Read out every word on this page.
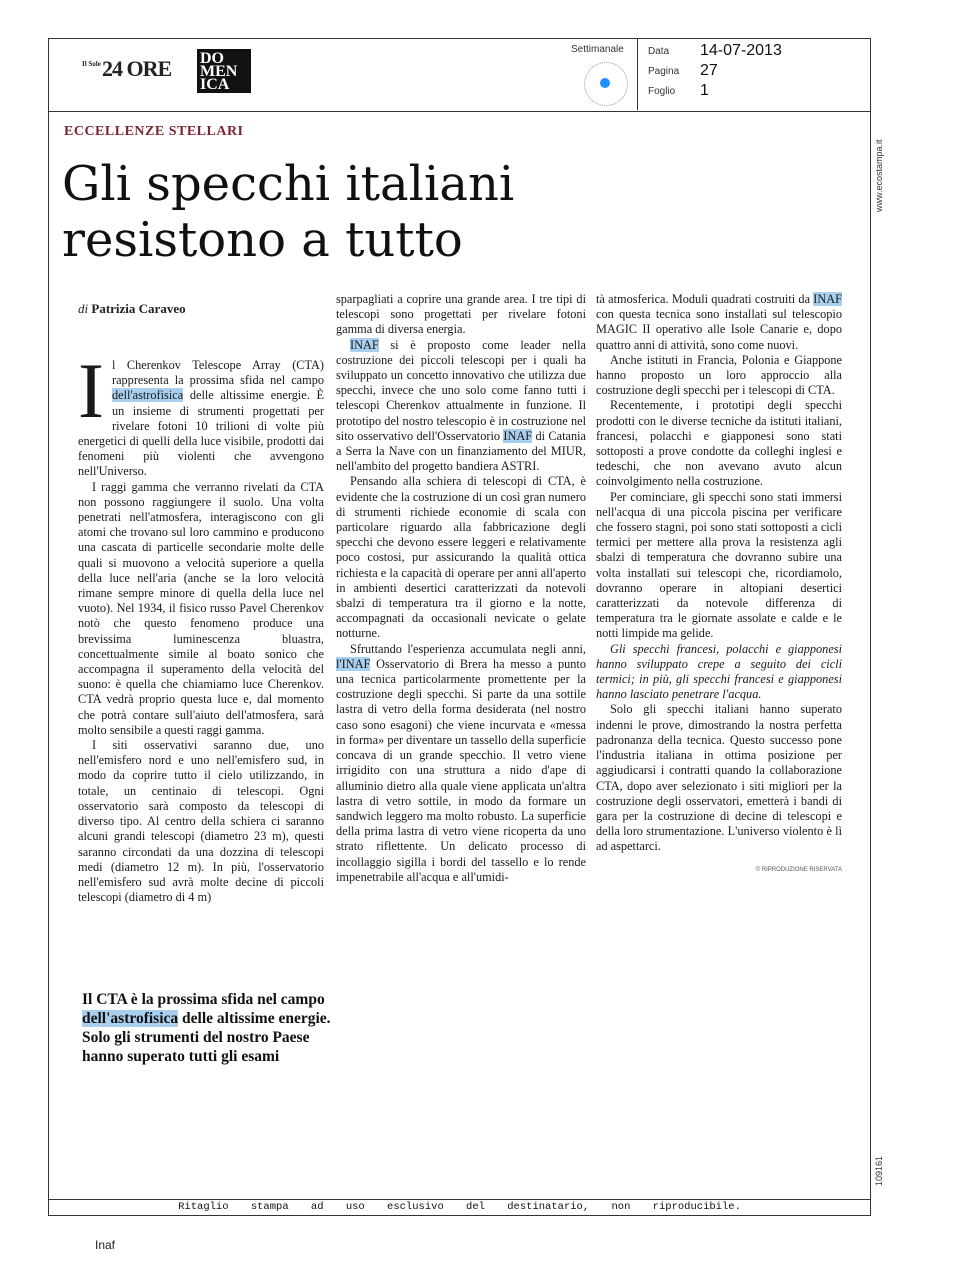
Il Sole 24 ORE DO
MEN
ICA
Settimanale Data 14-07-2013
Pagina 27
Foglio 1
www.ecostampa.it
109161
ECCELLENZE STELLARI
Gli specchi italiani
resistono a tutto
di Patrizia Caraveo

Il Cherenkov Telescope Array (CTA) rappresenta la prossima sfida nel campo dell'astrofisica delle altissime energie. È un insieme di strumenti progettati per rivelare fotoni 10 trilioni di volte più energetici di quelli della luce visibile, prodotti dai fenomeni più violenti che avvengono nell'Universo.

I raggi gamma che verranno rivelati da CTA non possono raggiungere il suolo. Una volta penetrati nell'atmosfera, interagiscono con gli atomi che trovano sul loro cammino e producono una cascata di particelle secondarie molte delle quali si muovono a velocità superiore a quella della luce nell'aria (anche se la loro velocità rimane sempre minore di quella della luce nel vuoto). Nel 1934, il fisico russo Pavel Cherenkov notò che questo fenomeno produce una brevissima luminescenza bluastra, concettualmente simile al boato sonico che accompagna il superamento della velocità del suono: è quella che chiamiamo luce Cherenkov. CTA vedrà proprio questa luce e, dal momento che potrà contare sull'aiuto dell'atmosfera, sarà molto sensibile a questi raggi gamma.

I siti osservativi saranno due, uno nell'emisfero nord e uno nell'emisfero sud, in modo da coprire tutto il cielo utilizzando, in totale, un centinaio di telescopi. Ogni osservatorio sarà composto da telescopi di diverso tipo. Al centro della schiera ci saranno alcuni grandi telescopi (diametro 23 m), questi saranno circondati da una dozzina di telescopi medi (diametro 12 m). In più, l'osservatorio nell'emisfero sud avrà molte decine di piccoli telescopi (diametro di 4 m)

sparpagliati a coprire una grande area. I tre tipi di telescopi sono progettati per rivelare fotoni gamma di diversa energia.

INAF si è proposto come leader nella costruzione dei piccoli telescopi per i quali ha sviluppato un concetto innovativo che utilizza due specchi, invece che uno solo come fanno tutti i telescopi Cherenkov attualmente in funzione. Il prototipo del nostro telescopio è in costruzione nel sito osservativo dell'Osservatorio INAF di Catania a Serra la Nave con un finanziamento del MIUR, nell'ambito del progetto bandiera ASTRI.

Pensando alla schiera di telescopi di CTA, è evidente che la costruzione di un così gran numero di strumenti richiede economie di scala con particolare riguardo alla fabbricazione degli specchi che devono essere leggeri e relativamente poco costosi, pur assicurando la qualità ottica richiesta e la capacità di operare per anni all'aperto in ambienti desertici caratterizzati da notevoli sbalzi di temperatura tra il giorno e la notte, accompagnati da occasionali nevicate o gelate notturne.

Sfruttando l'esperienza accumulata negli anni, l'INAF Osservatorio di Brera ha messo a punto una tecnica particolarmente promettente per la costruzione degli specchi. Si parte da una sottile lastra di vetro della forma desiderata (nel nostro caso sono esagoni) che viene incurvata e «messa in forma» per diventare un tassello della superficie concava di un grande specchio. Il vetro viene irrigidito con una struttura a nido d'ape di alluminio dietro alla quale viene applicata un'altra lastra di vetro sottile, in modo da formare un sandwich leggero ma molto robusto. La superficie della prima lastra di vetro viene ricoperta da uno strato riflettente. Un delicato processo di incollaggio sigilla i bordi del tassello e lo rende impenetrabile all'acqua e all'umidi-

tà atmosferica. Moduli quadrati costruiti da INAF con questa tecnica sono installati sul telescopio MAGIC II operativo alle Isole Canarie e, dopo quattro anni di attività, sono come nuovi.

Anche istituti in Francia, Polonia e Giappone hanno proposto un loro approccio alla costruzione degli specchi per i telescopi di CTA.

Recentemente, i prototipi degli specchi prodotti con le diverse tecniche da istituti italiani, francesi, polacchi e giapponesi sono stati sottoposti a prove condotte da colleghi inglesi e tedeschi, che non avevano avuto alcun coinvolgimento nella costruzione.

Per cominciare, gli specchi sono stati immersi nell'acqua di una piccola piscina per verificare che fossero stagni, poi sono stati sottoposti a cicli termici per mettere alla prova la resistenza agli sbalzi di temperatura che dovranno subire una volta installati sui telescopi che, ricordiamolo, dovranno operare in altopiani desertici caratterizzati da notevole differenza di temperatura tra le giornate assolate e calde e le notti limpide ma gelide.

Gli specchi francesi, polacchi e giapponesi hanno sviluppato crepe a seguito dei cicli termici; in più, gli specchi francesi e giapponesi hanno lasciato penetrare l'acqua.

Solo gli specchi italiani hanno superato indenni le prove, dimostrando la nostra perfetta padronanza della tecnica. Questo successo pone l'industria italiana in ottima posizione per aggiudicarsi i contratti quando la collaborazione CTA, dopo aver selezionato i siti migliori per la costruzione degli osservatori, emetterà i bandi di gara per la costruzione di decine di telescopi e della loro strumentazione. L'universo violento è lì ad aspettarci.

© RIPRODUZIONE RISERVATA
Il CTA è la prossima sfida nel campo dell'astrofisica delle altissime energie. Solo gli strumenti del nostro Paese hanno superato tutti gli esami
Ritaglio stampa ad uso esclusivo del destinatario, non riproducibile.
Inaf
